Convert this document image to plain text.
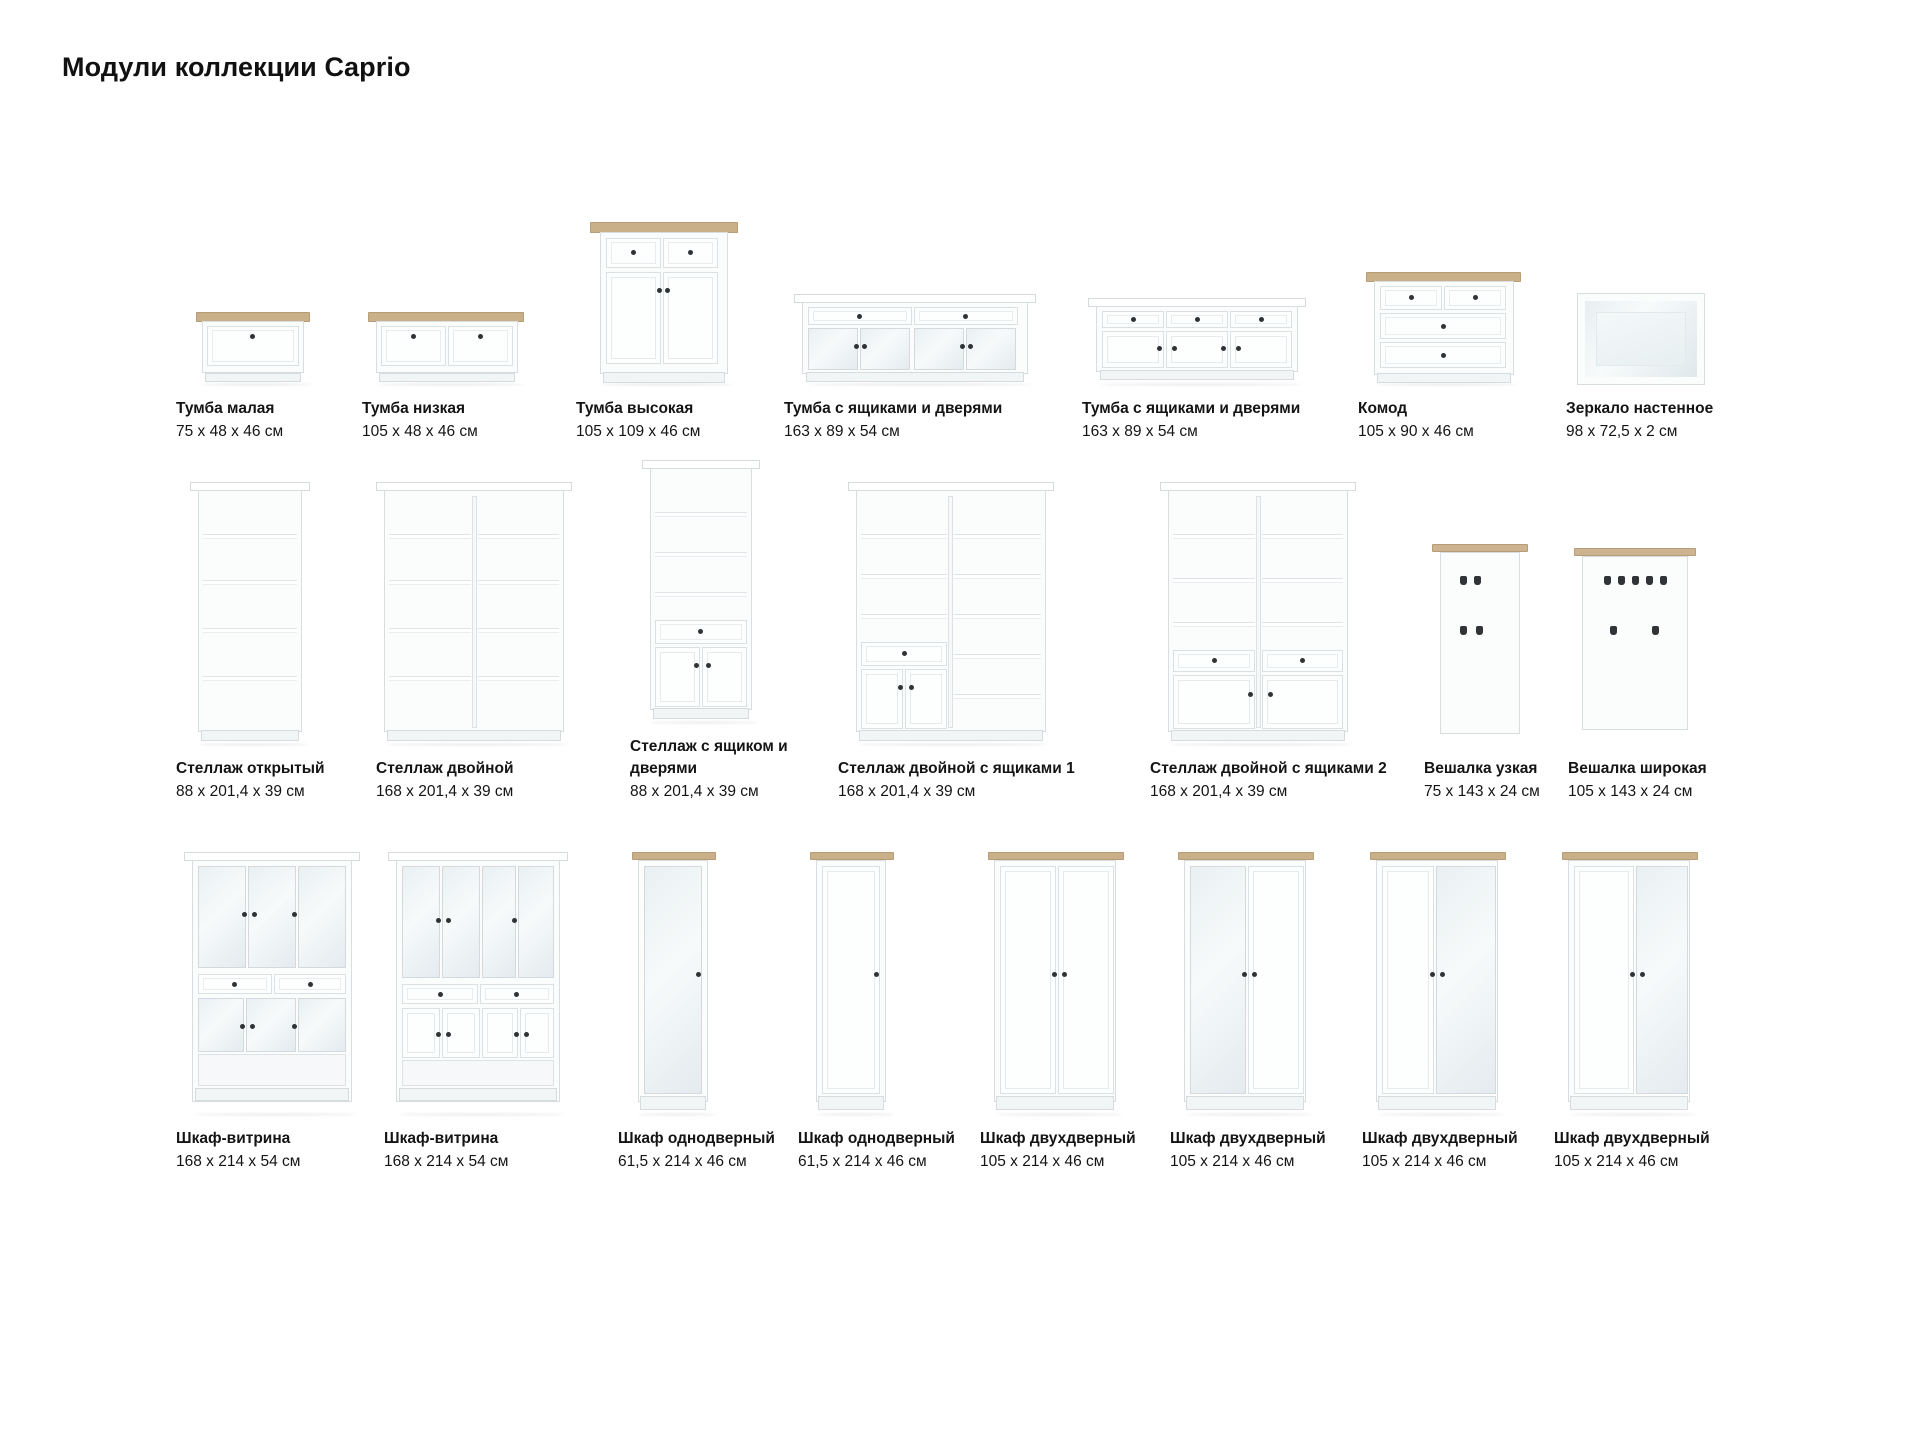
Модули коллекции Caprio
Тумба малая
75 x 48 x 46 см
Тумба низкая
105 x 48 x 46 см
Тумба высокая
105 x 109 x 46 см
Тумба с ящиками и дверями
163 x 89 x 54 см
Тумба с ящиками и дверями
163 x 89 x 54 см
Комод
105 x 90 x 46 см
Зеркало настенное
98 x 72,5 x 2 см
Стеллаж открытый
88 x 201,4 x 39 см
Стеллаж двойной
168 x 201,4 x 39 см
Стеллаж с ящиком и дверями
88 x 201,4 x 39 см
Стеллаж двойной с ящиками 1
168 x 201,4 x 39 см
Стеллаж двойной с ящиками 2
168 x 201,4 x 39 см
Вешалка узкая
75 x 143 x 24 см
Вешалка широкая
105 x 143 x 24 см
Шкаф-витрина
168 x 214 x 54 см
Шкаф-витрина
168 x 214 x 54 см
Шкаф однодверный
61,5 x 214 x 46 см
Шкаф однодверный
61,5 x 214 x 46 см
Шкаф двухдверный
105 x 214 x 46 см
Шкаф двухдверный
105 x 214 x 46 см
Шкаф двухдверный
105 x 214 x 46 см
Шкаф двухдверный
105 x 214 x 46 см
